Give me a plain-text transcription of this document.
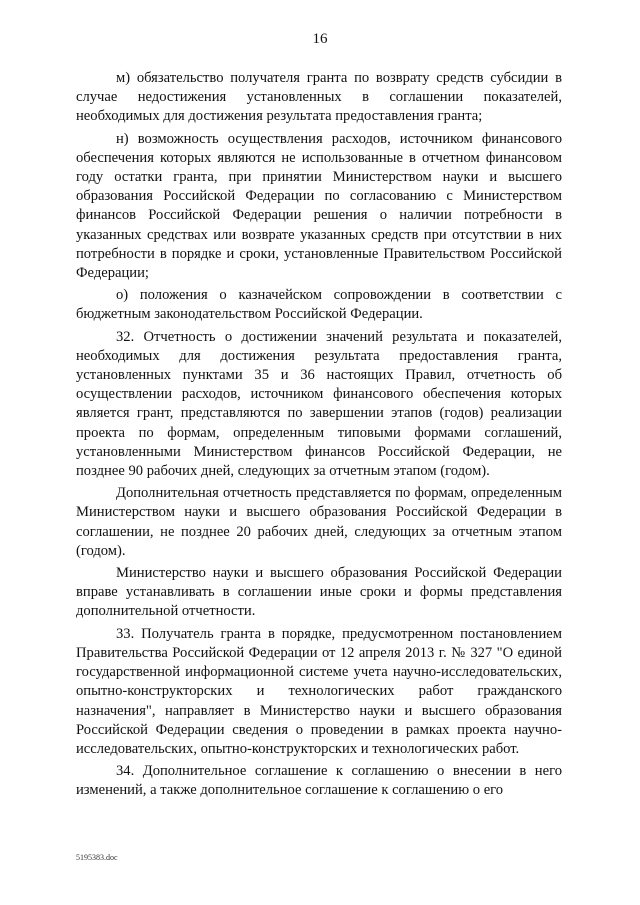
16

м) обязательство получателя гранта по возврату средств субсидии в случае недостижения установленных в соглашении показателей, необходимых для достижения результата предоставления гранта;

н) возможность осуществления расходов, источником финансового обеспечения которых являются не использованные в отчетном финансовом году остатки гранта, при принятии Министерством науки и высшего образования Российской Федерации по согласованию с Министерством финансов Российской Федерации решения о наличии потребности в указанных средствах или возврате указанных средств при отсутствии в них потребности в порядке и сроки, установленные Правительством Российской Федерации;

о) положения о казначейском сопровождении в соответствии с бюджетным законодательством Российской Федерации.

32. Отчетность о достижении значений результата и показателей, необходимых для достижения результата предоставления гранта, установленных пунктами 35 и 36 настоящих Правил, отчетность об осуществлении расходов, источником финансового обеспечения которых является грант, представляются по завершении этапов (годов) реализации проекта по формам, определенным типовыми формами соглашений, установленными Министерством финансов Российской Федерации, не позднее 90 рабочих дней, следующих за отчетным этапом (годом).

Дополнительная отчетность представляется по формам, определенным Министерством науки и высшего образования Российской Федерации в соглашении, не позднее 20 рабочих дней, следующих за отчетным этапом (годом).

Министерство науки и высшего образования Российской Федерации вправе устанавливать в соглашении иные сроки и формы представления дополнительной отчетности.

33. Получатель гранта в порядке, предусмотренном постановлением Правительства Российской Федерации от 12 апреля 2013 г. № 327 "О единой государственной информационной системе учета научно-исследовательских, опытно-конструкторских и технологических работ гражданского назначения", направляет в Министерство науки и высшего образования Российской Федерации сведения о проведении в рамках проекта научно-исследовательских, опытно-конструкторских и технологических работ.

34. Дополнительное соглашение к соглашению о внесении в него изменений, а также дополнительное соглашение к соглашению о его

5195383.doc
